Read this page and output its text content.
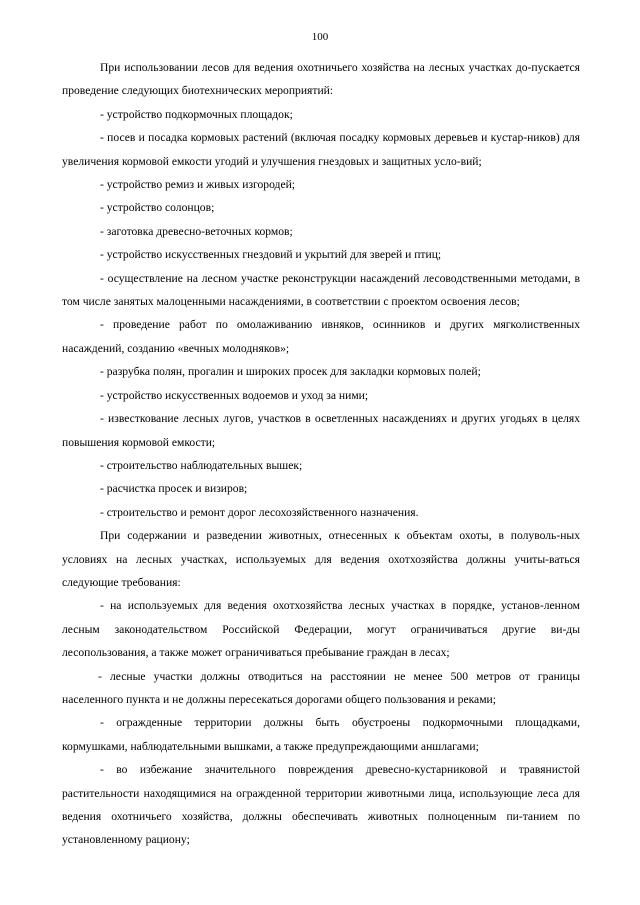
100

При использовании лесов для ведения охотничьего хозяйства на лесных участках до-пускается проведение следующих биотехнических мероприятий:

- устройство подкормочных площадок;

- посев и посадка кормовых растений (включая посадку кормовых деревьев и кустар-ников) для увеличения кормовой емкости угодий и улучшения гнездовых и защитных усло-вий;

- устройство ремиз и живых изгородей;

- устройство солонцов;

- заготовка древесно-веточных кормов;

- устройство искусственных гнездовий и укрытий для зверей и птиц;

- осуществление на лесном участке реконструкции насаждений лесоводственными методами, в том числе занятых малоценными насаждениями, в соответствии с проектом освоения лесов;

- проведение работ по омолаживанию ивняков, осинников и других мягколиственных насаждений, созданию «вечных молодняков»;

- разрубка полян, прогалин и широких просек для закладки кормовых полей;

- устройство искусственных водоемов и уход за ними;

- известкование лесных лугов, участков в осветленных насаждениях и других угодьях в целях повышения кормовой емкости;

- строительство наблюдательных вышек;

- расчистка просек и визиров;

- строительство и ремонт дорог лесохозяйственного назначения.

При содержании и разведении животных, отнесенных к объектам охоты, в полуволь-ных условиях на лесных участках, используемых для ведения охотхозяйства должны учиты-ваться следующие требования:

- на используемых для ведения охотхозяйства лесных участках в порядке, установ-ленном лесным законодательством Российской Федерации, могут ограничиваться другие ви-ды лесопользования, а также может ограничиваться пребывание граждан в лесах;

- лесные участки должны отводиться на расстоянии не менее 500 метров от границы населенного пункта и не должны пересекаться дорогами общего пользования и реками;

- огражденные территории должны быть обустроены подкормочными площадками, кормушками, наблюдательными вышками, а также предупреждающими аншлагами;

- во избежание значительного повреждения древесно-кустарниковой и травянистой растительности находящимися на огражденной территории животными лица, использующие леса для ведения охотничьего хозяйства, должны обеспечивать животных полноценным пи-танием по установленному рациону;
